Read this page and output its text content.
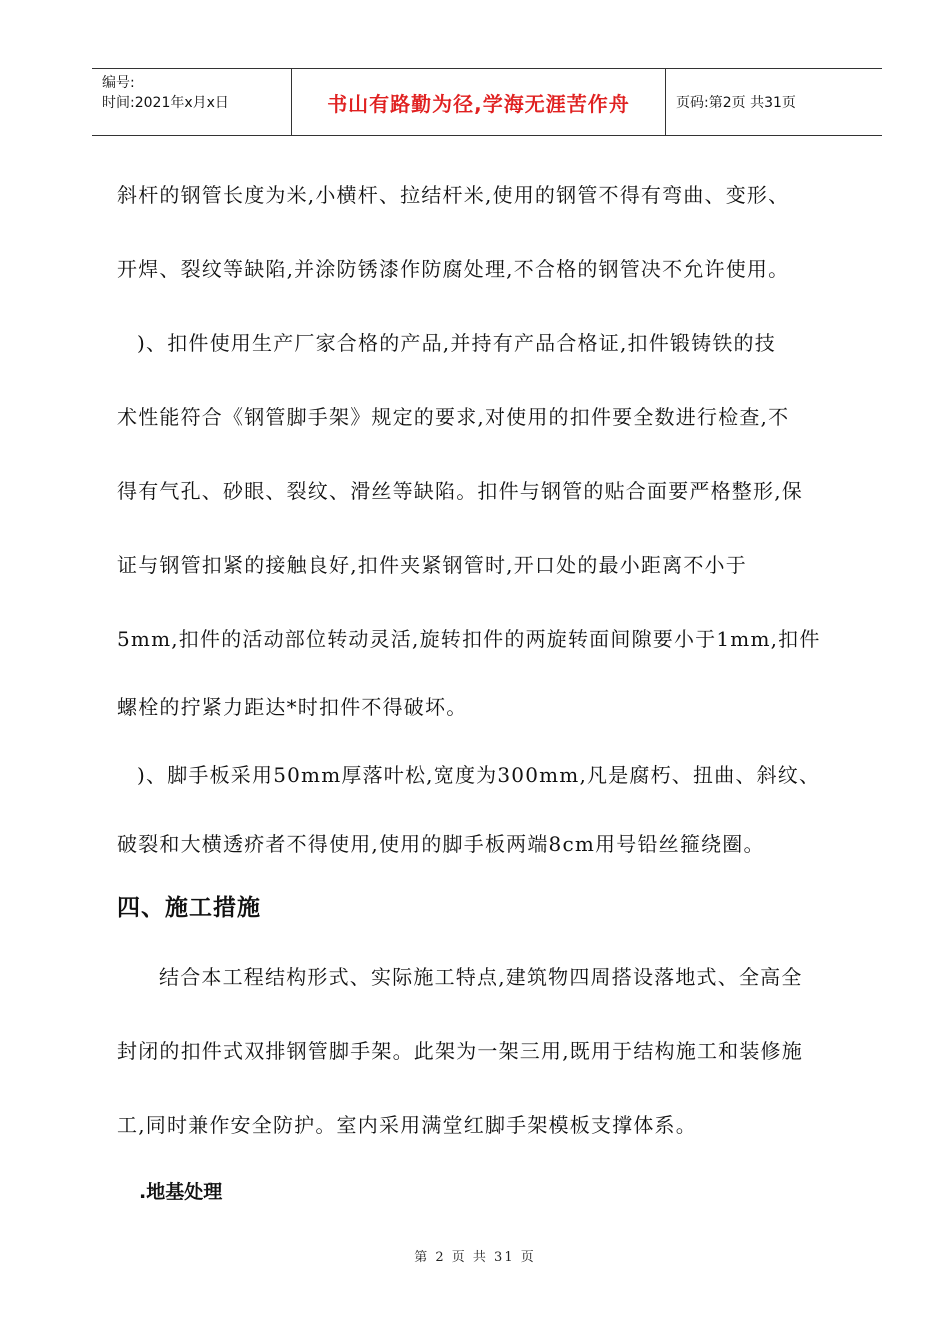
编号:
时间:2021年x月x日	书山有路勤为径,学海无涯苦作舟	页码:第2页 共31页
斜杆的钢管长度为米,小横杆、拉结杆米,使用的钢管不得有弯曲、变形、
开焊、裂纹等缺陷,并涂防锈漆作防腐处理,不合格的钢管决不允许使用。
)、扣件使用生产厂家合格的产品,并持有产品合格证,扣件锻铸铁的技
术性能符合《钢管脚手架》规定的要求,对使用的扣件要全数进行检查,不
得有气孔、砂眼、裂纹、滑丝等缺陷。扣件与钢管的贴合面要严格整形,保
证与钢管扣紧的接触良好,扣件夹紧钢管时,开口处的最小距离不小于
5mm,扣件的活动部位转动灵活,旋转扣件的两旋转面间隙要小于1mm,扣件
螺栓的拧紧力距达*时扣件不得破坏。
)、脚手板采用50mm厚落叶松,宽度为300mm,凡是腐朽、扭曲、斜纹、
破裂和大横透疥者不得使用,使用的脚手板两端8cm用号铅丝箍绕圈。
四、施工措施
结合本工程结构形式、实际施工特点,建筑物四周搭设落地式、全高全
封闭的扣件式双排钢管脚手架。此架为一架三用,既用于结构施工和装修施
工,同时兼作安全防护。室内采用满堂红脚手架模板支撑体系。
.地基处理
第 2 页 共 31 页
